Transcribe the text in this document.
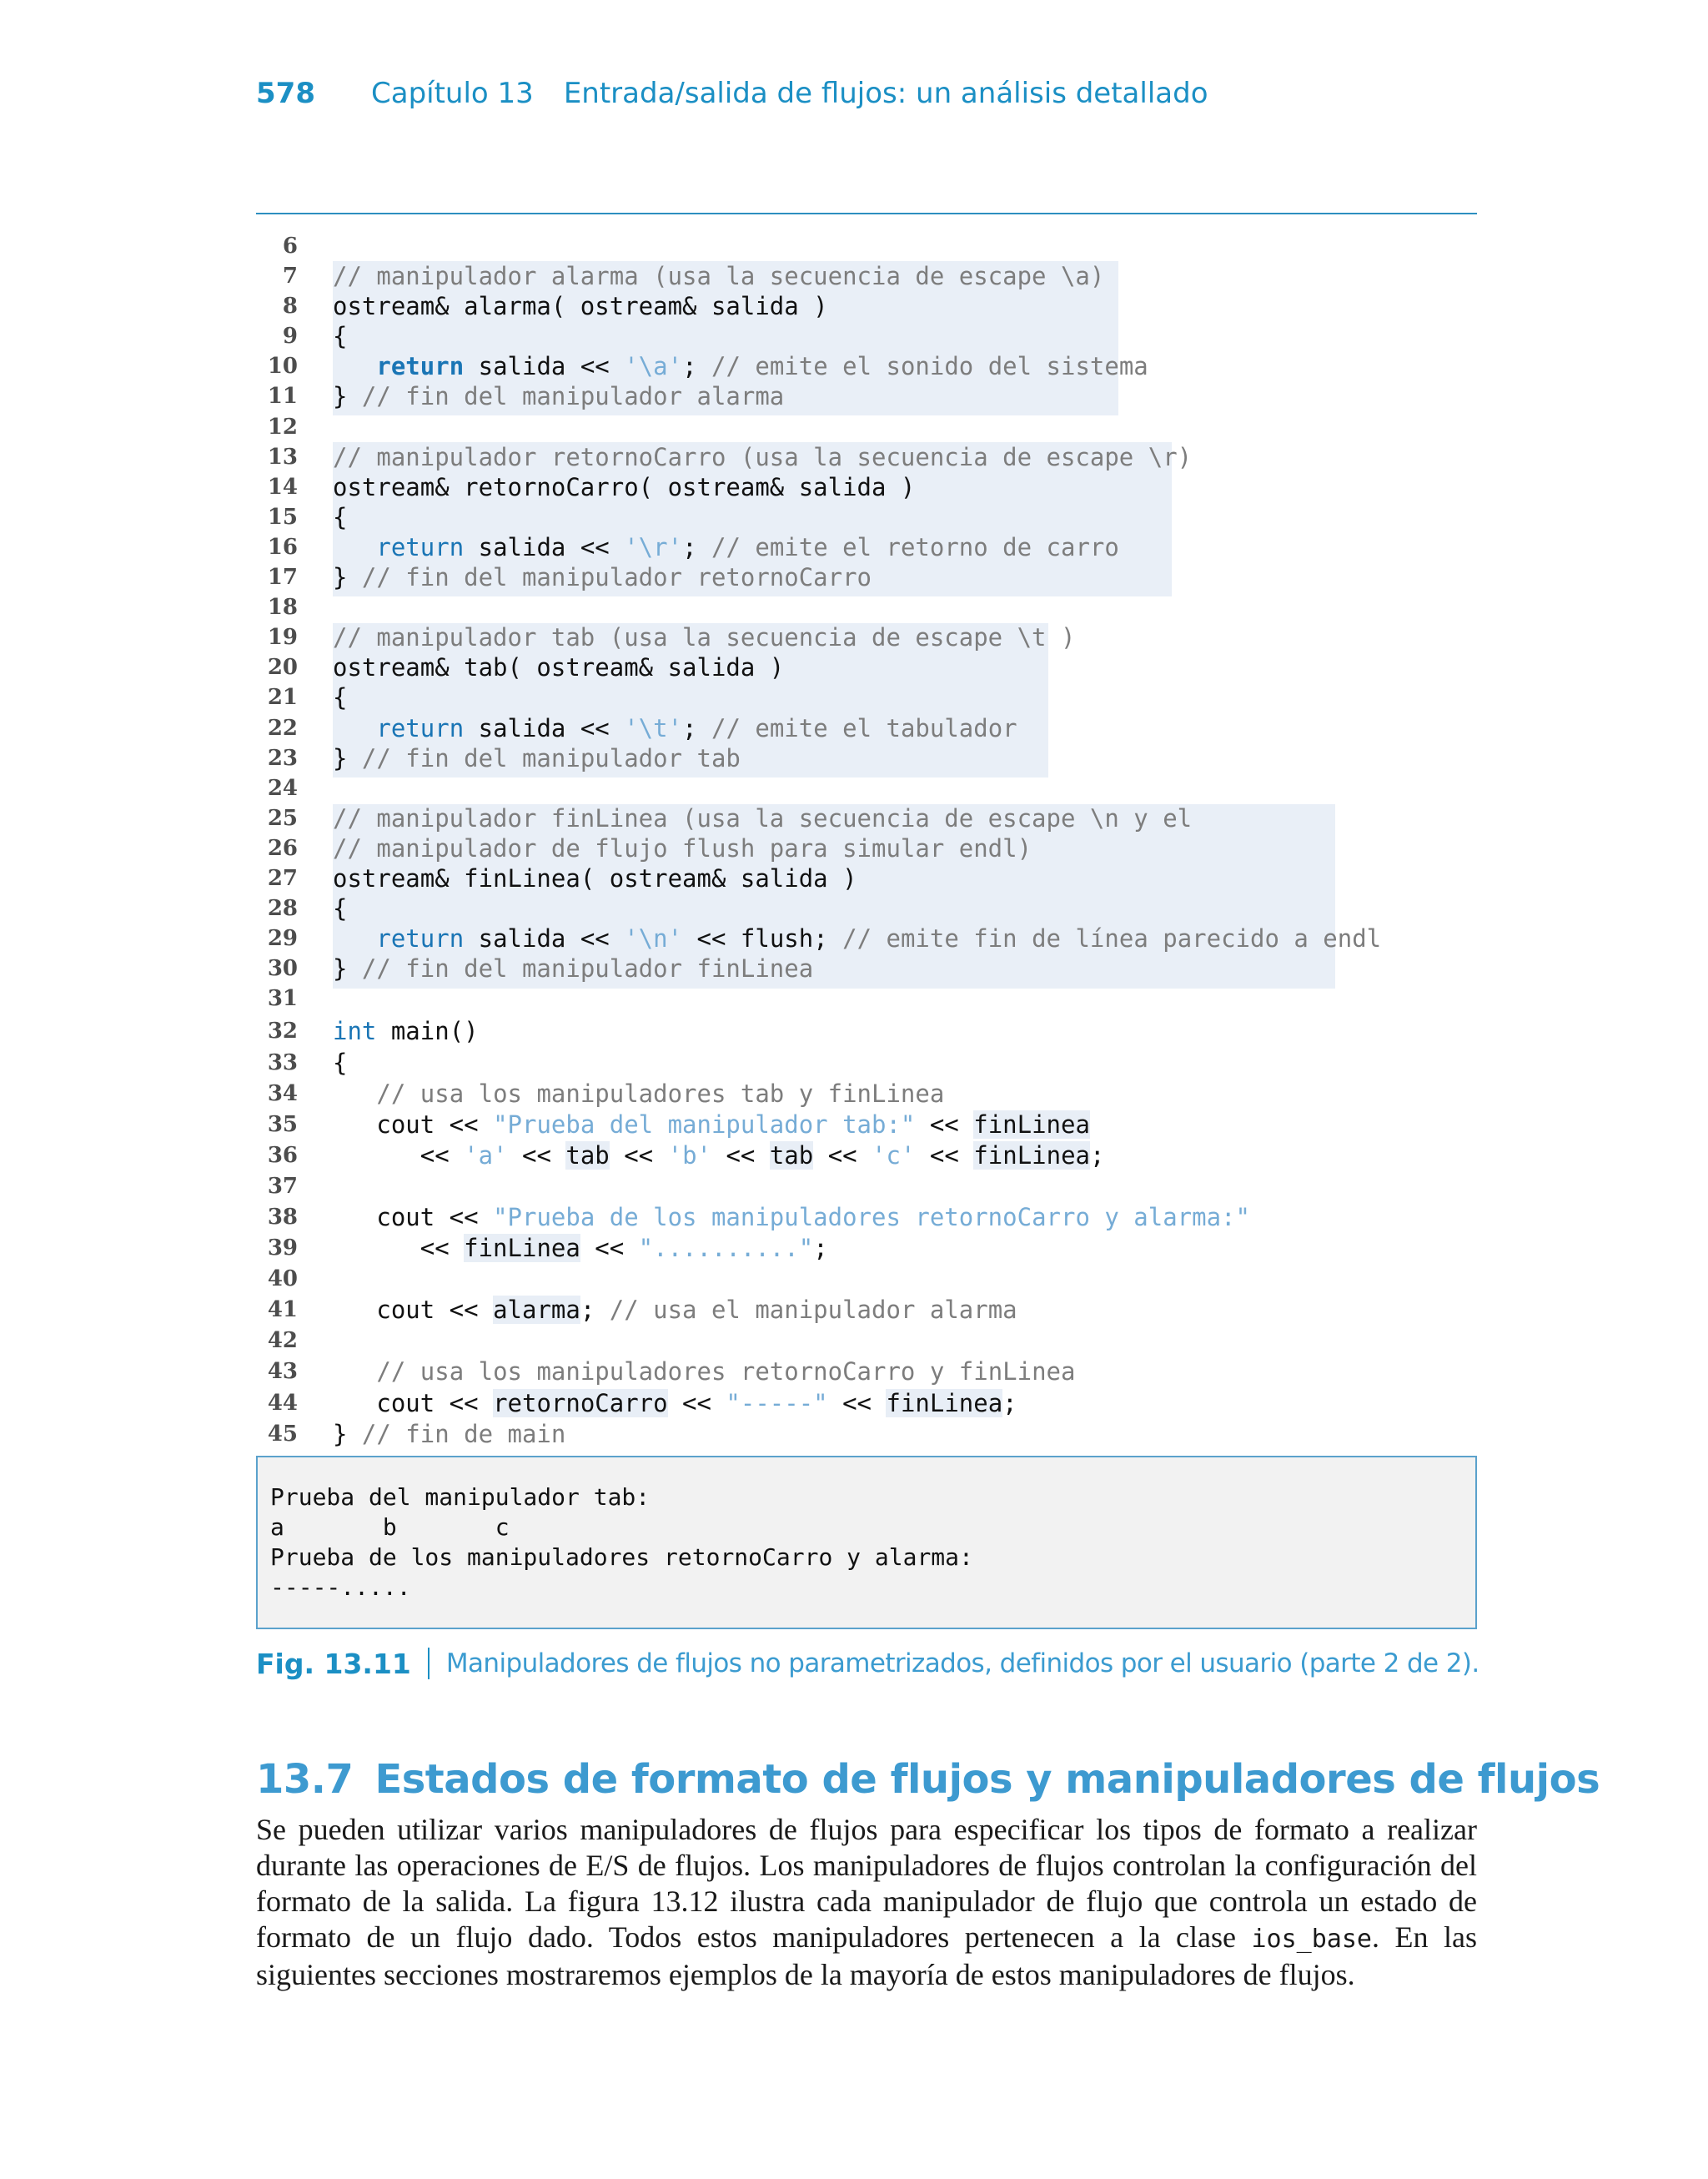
578	Capítulo 13 Entrada/salida de flujos: un análisis detallado
6
7 // manipulador alarma (usa la secuencia de escape \a)
8 ostream& alarma( ostream& salida )
9 {
10	return salida << '\a'; // emite el sonido del sistema
11 } // fin del manipulador alarma
12
13 // manipulador retornoCarro (usa la secuencia de escape \r)
14 ostream& retornoCarro( ostream& salida )
15 {
16	return salida << '\r'; // emite el retorno de carro
17 } // fin del manipulador retornoCarro
18
19 // manipulador tab (usa la secuencia de escape \t )
20 ostream& tab( ostream& salida )
21 {
22	return salida << '\t'; // emite el tabulador
23 } // fin del manipulador tab
24
25 // manipulador finLinea (usa la secuencia de escape \n y el
26 // manipulador de flujo flush para simular endl)
27 ostream& finLinea( ostream& salida )
28 {
29	return salida << '\n' << flush; // emite fin de línea parecido a endl
30 } // fin del manipulador finLinea
31
32 int main()
33 {
34	// usa los manipuladores tab y finLinea
35 cout << "Prueba del manipulador tab:" << finLinea
36 << 'a' << tab << 'b' << tab << 'c' << finLinea;
37
38 cout << "Prueba de los manipuladores retornoCarro y alarma:"
39 << finLinea << "..........";
40
41 cout << alarma; // usa el manipulador alarma
42
43	// usa los manipuladores retornoCarro y finLinea
44 cout << retornoCarro << "-----" << finLinea;
45 } // fin de main
Prueba del manipulador tab:
a       b       c
Prueba de los manipuladores retornoCarro y alarma:
-----.....
Fig. 13.11 Manipuladores de flujos no parametrizados, definidos por el usuario (parte 2 de 2).
13.7 Estados de formato de flujos y manipuladores de flujos

Se pueden utilizar varios manipuladores de flujos para especificar los tipos de formato a realizar durante las operaciones de E/S de flujos. Los manipuladores de flujos controlan la configuración del formato de la salida. La figura 13.12 ilustra cada manipulador de flujo que controla un estado de formato de un flujo dado. Todos estos manipuladores pertenecen a la clase ios_base. En las siguientes secciones mostraremos ejemplos de la mayoría de estos manipuladores de flujos.
